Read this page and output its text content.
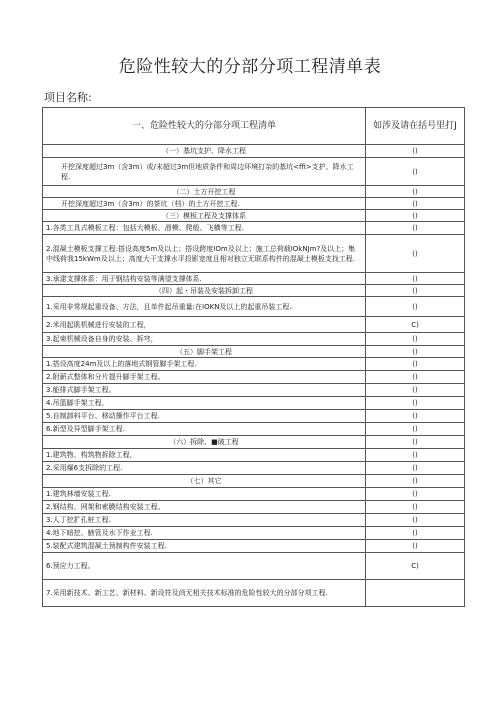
危险性较大的分部分项工程清单表
项目名称:
一、危险性较大的分部分项工程清单	如涉及请在括号里打J
（一）基坑支护、降水工程	()
开挖深度超过3m（含3m）或/未超过3m但地质条件和周边环境打杂的基坑<ffi>支护、降水工程.	()
（二）土方开挖工程	()
开挖深度超过3m（含3m）的茶坑（档）的土方开挖工程.	()
（三）模板工程及支撑体系	()
1.各类工具式模板工程：包括大模板、滑模、爬般、飞横等工程.	()
2.混凝土模板支撑工程:搭设高度5m及以上；搭设跨度IOm及以上；施工总荷载IOkNJm?及以上；集中线荷我15kWm及以上；高度大干支撑水平投影宽度且相对独立无联系构件的混凝土模板支找工程.	()
3.承逮支撑体系：用于钢结构安装等满望支撑体系.	()
（四）起・吊装及安装拆卸工程	()
1.采用非常规起重设备、方法，且单件起吊重量:在IOKN及以上的起重吊装工程.	()
2.米用起肌机械进行安装的工程，	C)
3.起柬机械设备自身的安装、拆穹，	()
（五）脚手架工程	()
1.搭设高度24m及以上的落地式钢管脚手架工程.	()
2.附薪式整体和分片提升脚手架工程。	()
3.能排式脚手架工程。	()
4.吊篮脚手架工程，	()
5.自制卸料平台、移动操作平台工程.	()
6.新型及异型脚手架工程.	()
（六）拆除、■破工程	()
1.建筑物、构筑物拆除工程，	()
2.采用爆6支拆除的工程.	()
（七）其它	()
1.建筑林墙安装工程.	()
2.钢结构、网架和索膜结构安装工程。	()
3.人丁挖扩孔桩工程.	()
4.地下暗挖、腋管及水下作业工程.	()
5.装配式建筑混凝土预制构件安装工程.	()
6.预应力工程。	C)
7.采用新技术、新工艺、新材料、新设符及尚无相关技术标准的危险性较大的分部分项工程.	
